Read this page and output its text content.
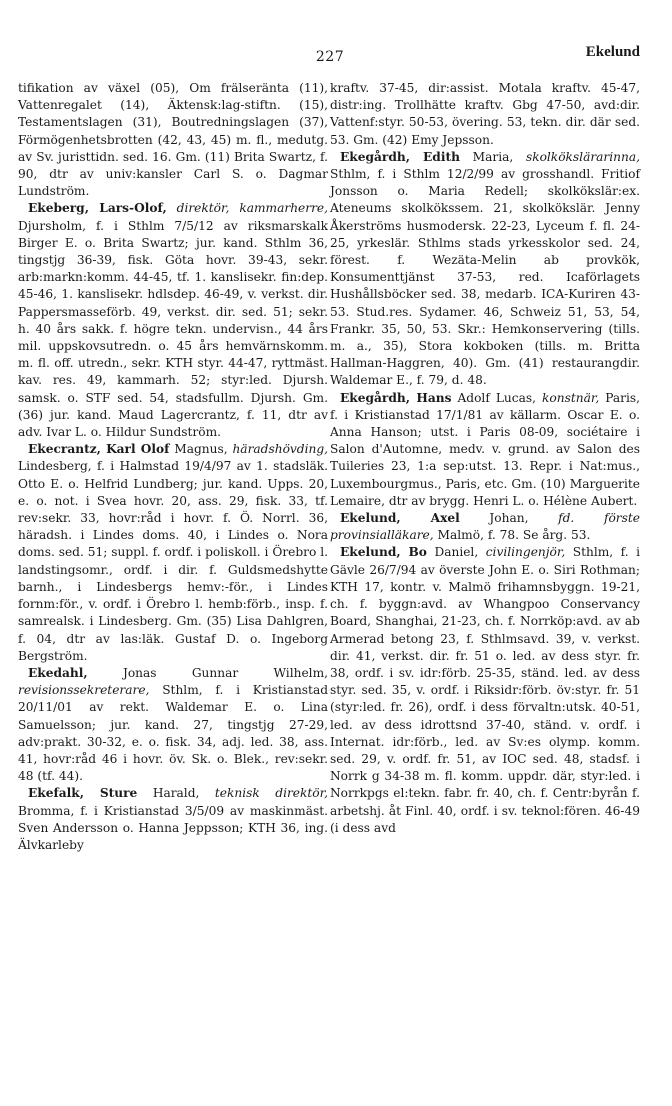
227	Ekelund

tifikation av växel (05), Om frälseränta (11), Vattenregalet (14), Äktensk:lag-stiftn. (15), Testamentslagen (31), Boutredningslagen (37), Förmögenhetsbrotten (42, 43, 45) m. fl., medutg. av Sv. juristtidn. sed. 16. Gm. (11) Brita Swartz, f. 90, dtr av univ:kansler Carl S. o. Dagmar Lundström.

Ekeberg, Lars-Olof, direktör, kammarherre, Djursholm, f. i Sthlm 7/5/12 av riksmarskalk Birger E. o. Brita Swartz; jur. kand. Sthlm 36, tingstjg 36-39, fisk. Göta hovr. 39-43, sekr. arb:markn:komm. 44-45, tf. 1. kanslisekr. fin:dep. 45-46, 1. kanslisekr. hdlsdep. 46-49, v. verkst. dir. Pappersmasseförb. 49, verkst. dir. sed. 51; sekr. h. 40 års sakk. f. högre tekn. undervisn., 44 års mil. uppskovsutredn. o. 45 års hemvärnskomm. m. fl. off. utredn., sekr. KTH styr. 44-47, ryttmäst. kav. res. 49, kammarh. 52; styr:led. Djursh. samsk. o. STF sed. 54, stadsfullm. Djursh. Gm. (36) jur. kand. Maud Lagercrantz, f. 11, dtr av adv. Ivar L. o. Hildur Sundström.

Ekecrantz, Karl Olof Magnus, häradshövding, Lindesberg, f. i Halmstad 19/4/97 av 1. stadsläk. Otto E. o. Helfrid Lundberg; jur. kand. Upps. 20, e. o. not. i Svea hovr. 20, ass. 29, fisk. 33, tf. rev:sekr. 33, hovr:råd i hovr. f. Ö. Norrl. 36, häradsh. i Lindes doms. 40, i Lindes o. Nora doms. sed. 51; suppl. f. ordf. i poliskoll. i Örebro l. landstingsomr., ordf. i dir. f. Guldsmedshytte barnh., i Lindesbergs hemv:-för., i Lindes fornm:för., v. ordf. i Örebro l. hemb:förb., insp. f. samrealsk. i Lindesberg. Gm. (35) Lisa Dahlgren, f. 04, dtr av las:läk. Gustaf D. o. Ingeborg Bergström.

Ekedahl,	Jonas Gunnar Wilhelm, revisionssekreterare, Sthlm, f. i Kristianstad 20/11/01 av rekt. Waldemar E. o. Lina Samuelsson; jur. kand. 27, tingstjg 27-29, adv:prakt. 30-32, e. o. fisk. 34, adj. led. 38, ass. 41, hovr:råd 46 i hovr. öv. Sk. o. Blek., rev:sekr. 48 (tf. 44).

Ekefalk, Sture Harald, teknisk direktör, Bromma, f. i Kristianstad 3/5/09 av maskinmäst. Sven Andersson o. Hanna Jeppsson; KTH 36, ing. Älvkarleby

kraftv. 37-45, dir:assist. Motala kraftv. 45-47, distr:ing. Trollhätte kraftv. Gbg 47-50, avd:dir. Vattenf:styr. 50-53, övering. 53, tekn. dir. där sed. 53. Gm. (42) Emy Jepsson.

Ekegårdh, Edith Maria, skolkökslärarinna, Sthlm, f. i Sthlm 12/2/99 av grosshandl. Fritiof Jonsson o. Maria Redell; skolkökslär:ex. Ateneums skolkökssem. 21, skolkökslär. Jenny Åkerströms husmodersk. 22-23, Lyceum f. fl. 24-25, yrkeslär. Sthlms stads yrkesskolor sed. 24, förest. f. Wezäta-Melin ab provkök, Konsumenttjänst 37-53, red. Icaförlagets Hushållsböcker sed. 38, medarb. ICA-Kuriren 43-53. Stud.res. Sydamer. 46, Schweiz 51, 53, 54, Frankr. 35, 50, 53. Skr.: Hemkonservering (tills. m. a., 35), Stora kokboken (tills. m. Britta Hallman-Haggren, 40). Gm. (41) restaurangdir. Waldemar E., f. 79, d. 48.

Ekegårdh, Hans Adolf Lucas, konstnär, Paris, f. i Kristianstad 17/1/81 av källarm. Oscar E. o. Anna Hanson; utst. i Paris 08-09, sociétaire i Salon d'Automne, medv. v. grund. av Salon des Tuileries 23, 1:a sep:utst. 13. Repr. i Nat:mus., Luxembourgmus., Paris, etc. Gm. (10) Marguerite Lemaire, dtr av brygg. Henri L. o. Hélène Aubert.

Ekelund, Axel Johan, fd. förste provinsialläkare, Malmö, f. 78. Se årg. 53.

Ekelund, Bo Daniel, civilingenjör, Sthlm, f. i Gävle 26/7/94 av överste John E. o. Siri Rothman; KTH 17, kontr. v. Malmö frihamnsbyggn. 19-21, ch. f. byggn:avd. av Whangpoo Conservancy Board, Shanghai, 21-23, ch. f. Norrköp:avd. av ab Armerad betong 23, f. Sthlmsavd. 39, v. verkst. dir. 41, verkst. dir. fr. 51 o. led. av dess styr. fr. 38, ordf. i sv. idr:förb. 25-35, ständ. led. av dess styr. sed. 35, v. ordf. i Riksidr:förb. öv:styr. fr. 51 (styr:led. fr. 26), ordf. i dess förvaltn:utsk. 40-51, led. av dess idrottsnd 37-40, ständ. v. ordf. i Internat. idr:förb., led. av Sv:es olymp. komm. sed. 29, v. ordf. fr. 51, av IOC sed. 48, stadsf. i Norrk g 34-38 m. fl. komm. uppdr. där, styr:led. i Norrkpgs el:tekn. fabr. fr. 40, ch. f. Centr:byrån f. arbetshj. åt Finl. 40, ordf. i sv. teknol:fören. 46-49 (i dess avd
